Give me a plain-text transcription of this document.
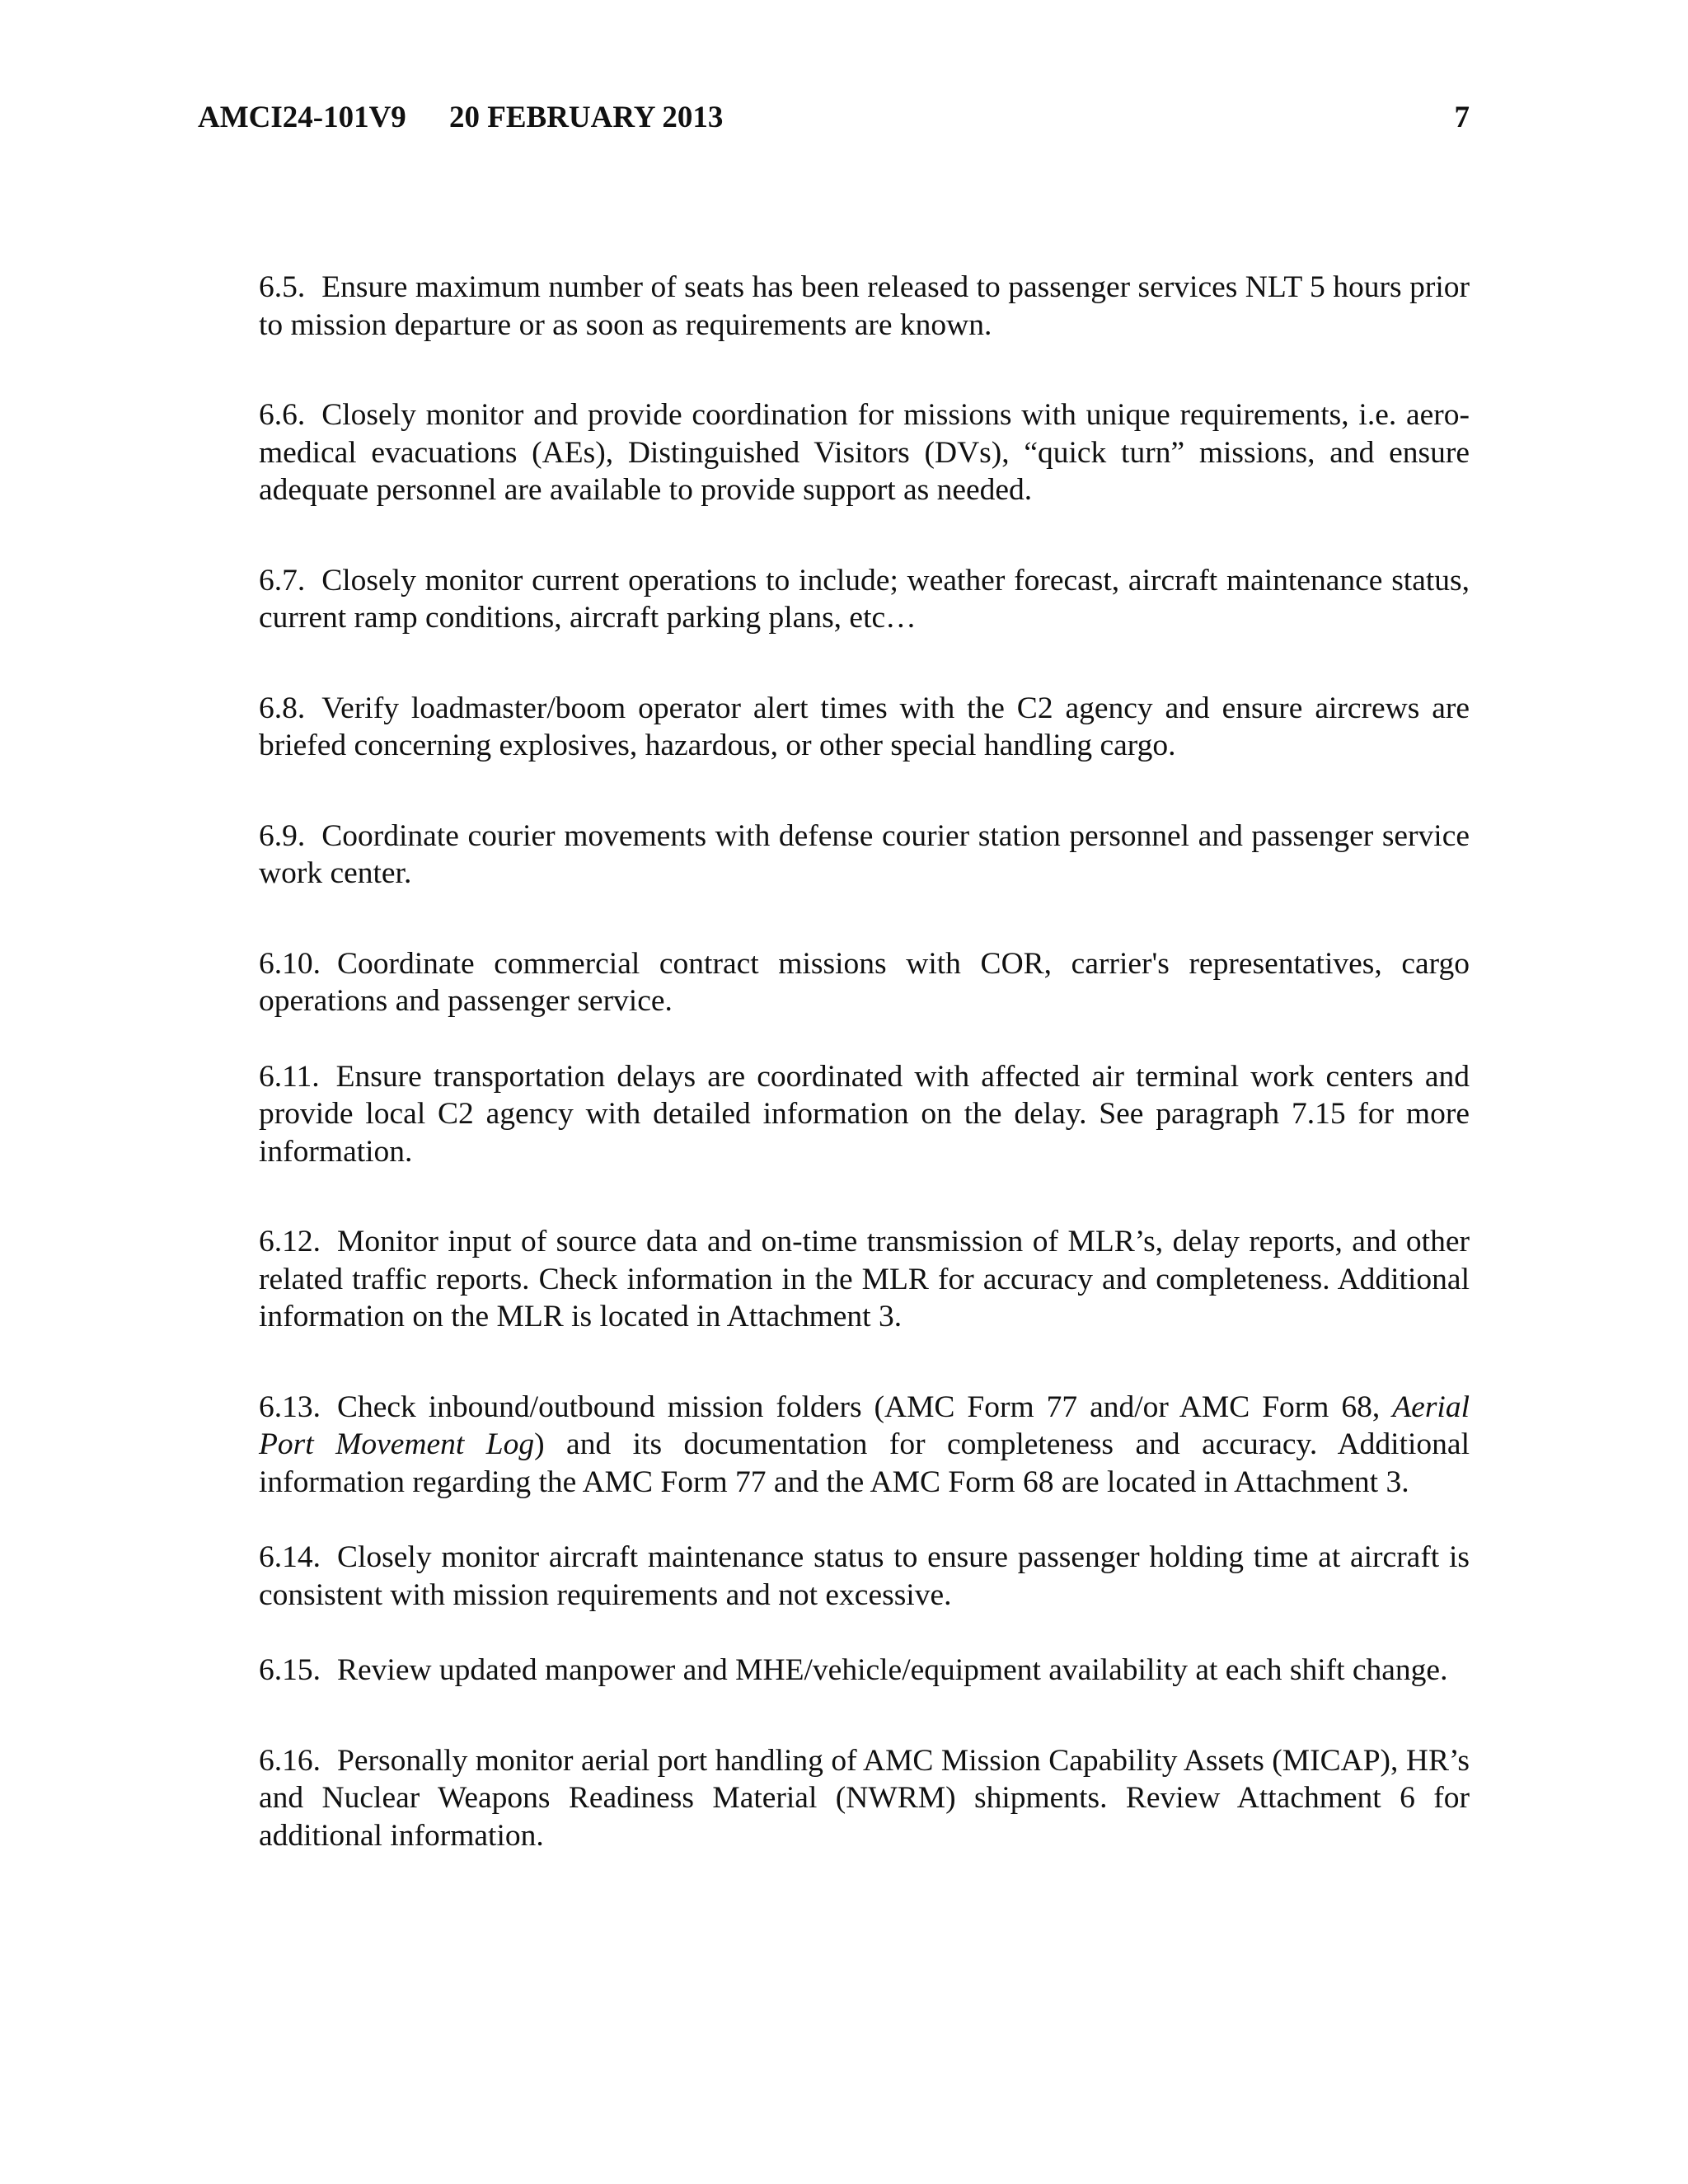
AMCI24-101V9 20 FEBRUARY 2013	7

6.5. Ensure maximum number of seats has been released to passenger services NLT 5 hours prior to mission departure or as soon as requirements are known.

6.6. Closely monitor and provide coordination for missions with unique requirements, i.e. aero-medical evacuations (AEs), Distinguished Visitors (DVs), “quick turn” missions, and ensure adequate personnel are available to provide support as needed.

6.7. Closely monitor current operations to include; weather forecast, aircraft maintenance status, current ramp conditions, aircraft parking plans, etc…

6.8. Verify loadmaster/boom operator alert times with the C2 agency and ensure aircrews are briefed concerning explosives, hazardous, or other special handling cargo.

6.9. Coordinate courier movements with defense courier station personnel and passenger service work center.

6.10. Coordinate commercial contract missions with COR, carrier's representatives, cargo operations and passenger service.

6.11. Ensure transportation delays are coordinated with affected air terminal work centers and provide local C2 agency with detailed information on the delay. See paragraph 7.15 for more information.

6.12. Monitor input of source data and on-time transmission of MLR’s, delay reports, and other related traffic reports. Check information in the MLR for accuracy and completeness. Additional information on the MLR is located in Attachment 3.

6.13. Check inbound/outbound mission folders (AMC Form 77 and/or AMC Form 68, Aerial Port Movement Log) and its documentation for completeness and accuracy. Additional information regarding the AMC Form 77 and the AMC Form 68 are located in Attachment 3.

6.14. Closely monitor aircraft maintenance status to ensure passenger holding time at aircraft is consistent with mission requirements and not excessive.

6.15. Review updated manpower and MHE/vehicle/equipment availability at each shift change.

6.16. Personally monitor aerial port handling of AMC Mission Capability Assets (MICAP), HR’s and Nuclear Weapons Readiness Material (NWRM) shipments. Review Attachment 6 for additional information.
